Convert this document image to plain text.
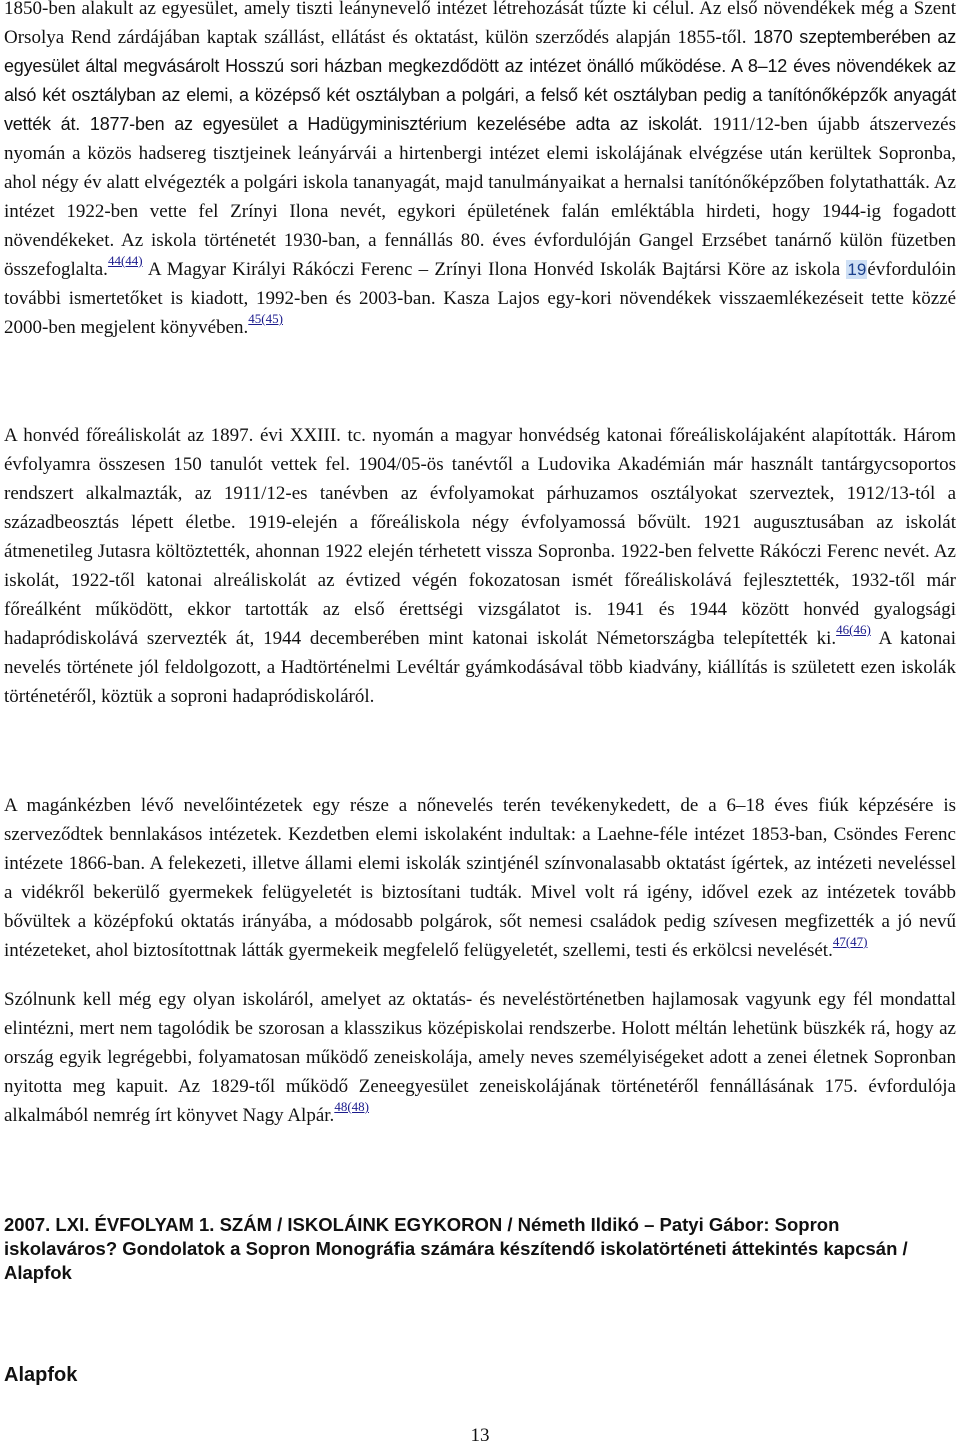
1850-ben alakult az egyesület, amely tiszti leánynevelő intézet létrehozását tűzte ki célul. Az első növendékek még a Szent Orsolya Rend zárdájában kaptak szállást, ellátást és oktatást, külön szerződés alapján 1855-től. 1870 szeptemberében az egyesület által megvásárolt Hosszú sori házban megkezdődött az intézet önálló működése. A 8–12 éves növendékek az alsó két osztályban az elemi, a középső két osztályban a polgári, a felső két osztályban pedig a tanítónőképzők anyagát vették át. 1877-ben az egyesület a Hadügyminisztérium kezelésébe adta az iskolát. 1911/12-ben újabb átszervezés nyomán a közös hadsereg tisztjeinek leányárvái a hirtenbergi intézet elemi iskolájának elvégzése után kerültek Sopronba, ahol négy év alatt elvégezték a polgári iskola tananyagát, majd tanulmányaikat a hernalsi tanítónőképzőben folytathatták. Az intézet 1922-ben vette fel Zrínyi Ilona nevét, egykori épületének falán emléktábla hirdeti, hogy 1944-ig fogadott növendékeket. Az iskola történetét 1930-ban, a fennállás 80. éves évfordulóján Gangel Erzsébet tanárnő külön füzetben összefoglalta.$^{44(44)}$ A Magyar Királyi Rákóczi Ferenc – Zrínyi Ilona Honvéd Iskolák Bajtársi Köre az iskola 19évfordulóin további ismertetőket is kiadott, 1992-ben és 2003-ban. Kasza Lajos egy-kori növendékek visszaemlékezéseit tette közzé 2000-ben megjelent könyvében.$^{45(45)}$

A honvéd főreáliskolát az 1897. évi XXIII. tc. nyomán a magyar honvédség katonai főreáliskolájaként alapították. Három évfolyamra összesen 150 tanulót vettek fel. 1904/05-ös tanévtől a Ludovika Akadémián már használt tantárgycsoportos rendszert alkalmazták, az 1911/12-es tanévben az évfolyamokat párhuzamos osztályokat szerveztek, 1912/13-tól a századbeosztás lépett életbe. 1919-elején a főreáliskola négy évfolyamossá bővült. 1921 augusztusában az iskolát átmenetileg Jutasra költöztették, ahonnan 1922 elején térhetett vissza Sopronba. 1922-ben felvette Rákóczi Ferenc nevét. Az iskolát, 1922-től katonai alreáliskolát az évtized végén fokozatosan ismét főreáliskolává fejlesztették, 1932-től már főreálként működött, ekkor tartották az első érettségi vizsgálatot is. 1941 és 1944 között honvéd gyalogsági hadapródiskolává szervezték át, 1944 decemberében mint katonai iskolát Németországba telepítették ki.$^{46(46)}$ A katonai nevelés története jól feldolgozott, a Hadtörténelmi Levéltár gyámkodásával több kiadvány, kiállítás is született ezen iskolák történetéről, köztük a soproni hadapródiskoláról.

A magánkézben lévő nevelőintézetek egy része a nőnevelés terén tevékenykedett, de a 6–18 éves fiúk képzésére is szerveződtek bennlakásos intézetek. Kezdetben elemi iskolaként indultak: a Laehne-féle intézet 1853-ban, Csöndes Ferenc intézete 1866-ban. A felekezeti, illetve állami elemi iskolák szintjénél színvonalasabb oktatást ígértek, az intézeti neveléssel a vidékről bekerülő gyermekek felügyeletét is biztosítani tudták. Mivel volt rá igény, idővel ezek az intézetek tovább bővültek a középfokú oktatás irányába, a módosabb polgárok, sőt nemesi családok pedig szívesen megfizették a jó nevű intézeteket, ahol biztosítottnak látták gyermekeik megfelelő felügyeletét, szellemi, testi és erkölcsi nevelését.$^{47(47)}$

Szólnunk kell még egy olyan iskoláról, amelyet az oktatás- és neveléstörténetben hajlamosak vagyunk egy fél mondattal elintézni, mert nem tagolódik be szorosan a klasszikus középiskolai rendszerbe. Holott méltán lehetünk büszkék rá, hogy az ország egyik legrégebbi, folyamatosan működő zeneiskolája, amely neves személyiségeket adott a zenei életnek Sopronban nyitotta meg kapuit. Az 1829-től működő Zeneegyesület zeneiskolájának történetéről fennállásának 175. évfordulója alkalmából nemrég írt könyvet Nagy Alpár.$^{48(48)}$

2007. LXI. ÉVFOLYAM 1. SZÁM / ISKOLÁINK EGYKORON / Németh Ildikó – Patyi Gábor: Sopron iskolaváros? Gondolatok a Sopron Monográfia számára készítendő iskolatörténeti áttekintés kapcsán / Alapfok

Alapfok
13
